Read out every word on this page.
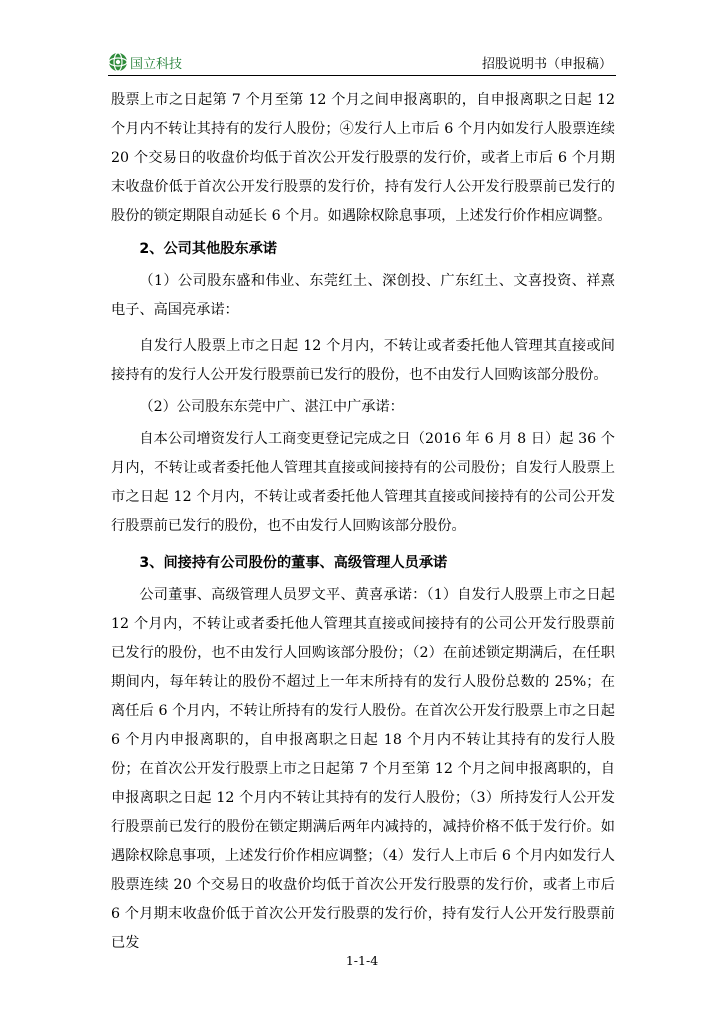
国立科技	招股说明书（申报稿）

股票上市之日起第 7 个月至第 12 个月之间申报离职的，自申报离职之日起 12 个月内不转让其持有的发行人股份；④发行人上市后 6 个月内如发行人股票连续 20 个交易日的收盘价均低于首次公开发行股票的发行价，或者上市后 6 个月期末收盘价低于首次公开发行股票的发行价，持有发行人公开发行股票前已发行的股份的锁定期限自动延长 6 个月。如遇除权除息事项，上述发行价作相应调整。

2、公司其他股东承诺

（1）公司股东盛和伟业、东莞红土、深创投、广东红土、文喜投资、祥熹电子、高国亮承诺：

自发行人股票上市之日起 12 个月内，不转让或者委托他人管理其直接或间接持有的发行人公开发行股票前已发行的股份，也不由发行人回购该部分股份。

（2）公司股东东莞中广、湛江中广承诺：

自本公司增资发行人工商变更登记完成之日（2016 年 6 月 8 日）起 36 个月内，不转让或者委托他人管理其直接或间接持有的公司股份；自发行人股票上市之日起 12 个月内，不转让或者委托他人管理其直接或间接持有的公司公开发行股票前已发行的股份，也不由发行人回购该部分股份。

3、间接持有公司股份的董事、高级管理人员承诺

公司董事、高级管理人员罗文平、黄喜承诺：（1）自发行人股票上市之日起 12 个月内，不转让或者委托他人管理其直接或间接持有的公司公开发行股票前已发行的股份，也不由发行人回购该部分股份；（2）在前述锁定期满后，在任职期间内，每年转让的股份不超过上一年末所持有的发行人股份总数的 25%；在离任后 6 个月内，不转让所持有的发行人股份。在首次公开发行股票上市之日起 6 个月内申报离职的，自申报离职之日起 18 个月内不转让其持有的发行人股份；在首次公开发行股票上市之日起第 7 个月至第 12 个月之间申报离职的，自申报离职之日起 12 个月内不转让其持有的发行人股份；（3）所持发行人公开发行股票前已发行的股份在锁定期满后两年内减持的，减持价格不低于发行价。如遇除权除息事项，上述发行价作相应调整；（4）发行人上市后 6 个月内如发行人股票连续 20 个交易日的收盘价均低于首次公开发行股票的发行价，或者上市后 6 个月期末收盘价低于首次公开发行股票的发行价，持有发行人公开发行股票前已发

1-1-4
